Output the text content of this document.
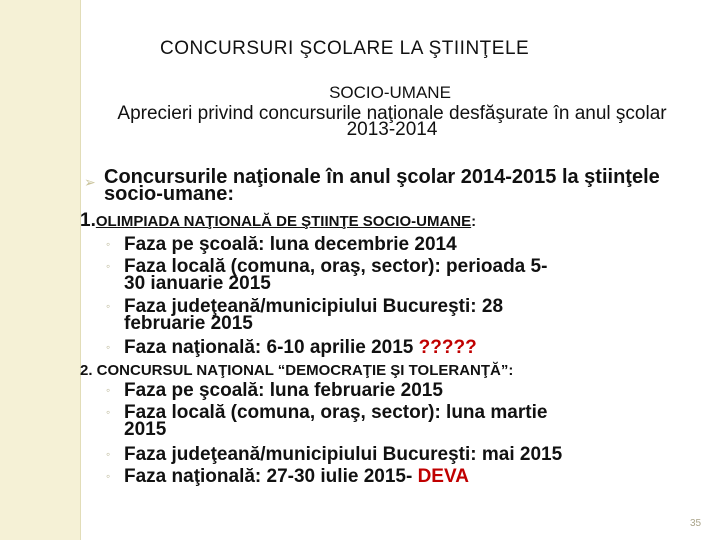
CONCURSURI ŞCOLARE LA ŞTIINŢELE
SOCIO-UMANE
Aprecieri privind concursurile naţionale desfăşurate în anul şcolar 2013-2014
➢ Concursurile naţionale în anul şcolar 2014-2015 la ştiinţele socio-umane:
1.OLIMPIADA NAŢIONALĂ DE ŞTIINŢE SOCIO-UMANE:
◦ Faza pe şcoală: luna decembrie 2014
◦ Faza locală (comuna, oraş, sector): perioada 5-
30 ianuarie 2015
◦ Faza judeţeană/municipiului Bucureşti: 28
februarie 2015
◦ Faza naţională: 6-10 aprilie 2015 ?????
2. CONCURSUL NAŢIONAL “DEMOCRAŢIE ŞI TOLERANŢĂ”:
◦ Faza pe şcoală: luna februarie 2015
◦ Faza locală (comuna, oraş, sector): luna martie
2015
◦ Faza judeţeană/municipiului Bucureşti: mai 2015
◦ Faza naţională: 27-30 iulie 2015- DEVA
35
